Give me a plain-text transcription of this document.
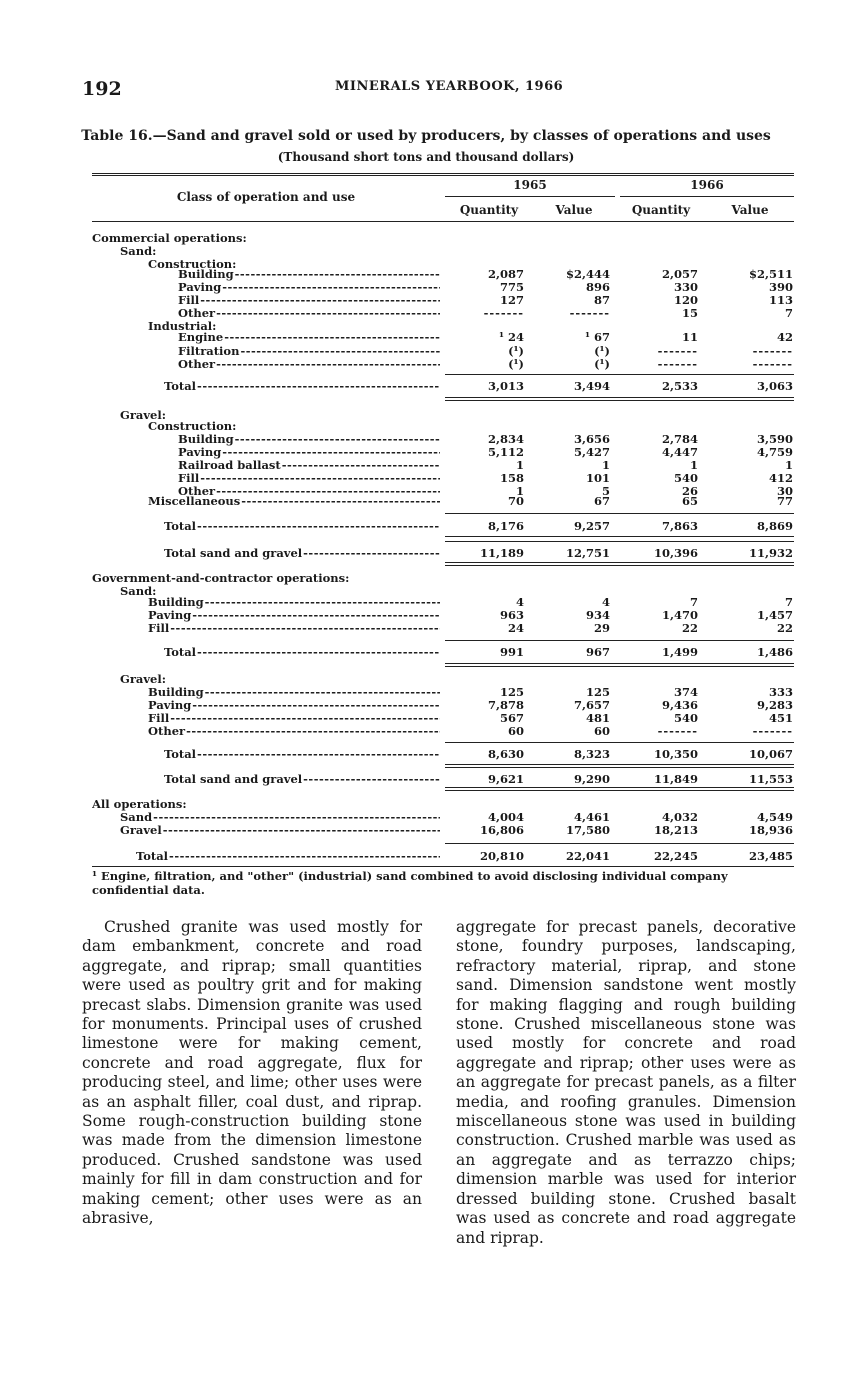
192	MINERALS YEARBOOK, 1966
Table 16.—Sand and gravel sold or used by producers, by classes of operations and uses
(Thousand short tons and thousand dollars)
Class of operation and use
1965	1966
Quantity	Value	Quantity	Value
Commercial operations:
Sand:
Construction:
Building -----	2,087	$2,444	2,057	$2,511
Paving -----	775	896	330	390
Fill -----	127	87	120	113
Other -----	-------	-------	15	7
Industrial:
Engine -----	¹ 24	¹ 67	11	42
Filtration -----	(¹)	(¹)	-------	-------
Other -----	(¹)	(¹)	-------	-------
Total -----	3,013	3,494	2,533	3,063
Gravel:
Construction:
Building -----	2,834	3,656	2,784	3,590
Paving -----	5,112	5,427	4,447	4,759
Railroad ballast -----	1	1	1	1
Fill -----	158	101	540	412
Other -----	1	5	26	30
Miscellaneous -----	70	67	65	77
Total -----	8,176	9,257	7,863	8,869
Total sand and gravel -----	11,189	12,751	10,396	11,932
Government-and-contractor operations:
Sand:
Building -----	4	4	7	7
Paving -----	963	934	1,470	1,457
Fill -----	24	29	22	22
Total -----	991	967	1,499	1,486
Gravel:
Building -----	125	125	374	333
Paving -----	7,878	7,657	9,436	9,283
Fill -----	567	481	540	451
Other -----	60	60	-------	-------
Total -----	8,630	8,323	10,350	10,067
Total sand and gravel -----	9,621	9,290	11,849	11,553
All operations:
Sand -----	4,004	4,461	4,032	4,549
Gravel -----	16,806	17,580	18,213	18,936
Total -----	20,810	22,041	22,245	23,485
¹ Engine, filtration, and "other" (industrial) sand combined to avoid disclosing individual company confidential data.

Crushed granite was used mostly for dam embankment, concrete and road aggregate, and riprap; small quantities were used as poultry grit and for making precast slabs. Dimension granite was used for monuments. Principal uses of crushed limestone were for making cement, concrete and road aggregate, flux for producing steel, and lime; other uses were as an asphalt filler, coal dust, and riprap. Some rough-construction building stone was made from the dimension limestone produced. Crushed sandstone was used mainly for fill in dam construction and for making cement; other uses were as an abrasive,

aggregate for precast panels, decorative stone, foundry purposes, landscaping, refractory material, riprap, and stone sand. Dimension sandstone went mostly for making flagging and rough building stone. Crushed miscellaneous stone was used mostly for concrete and road aggregate and riprap; other uses were as an aggregate for precast panels, as a filter media, and roofing granules. Dimension miscellaneous stone was used in building construction. Crushed marble was used as an aggregate and as terrazzo chips; dimension marble was used for interior dressed building stone. Crushed basalt was used as concrete and road aggregate and riprap.
